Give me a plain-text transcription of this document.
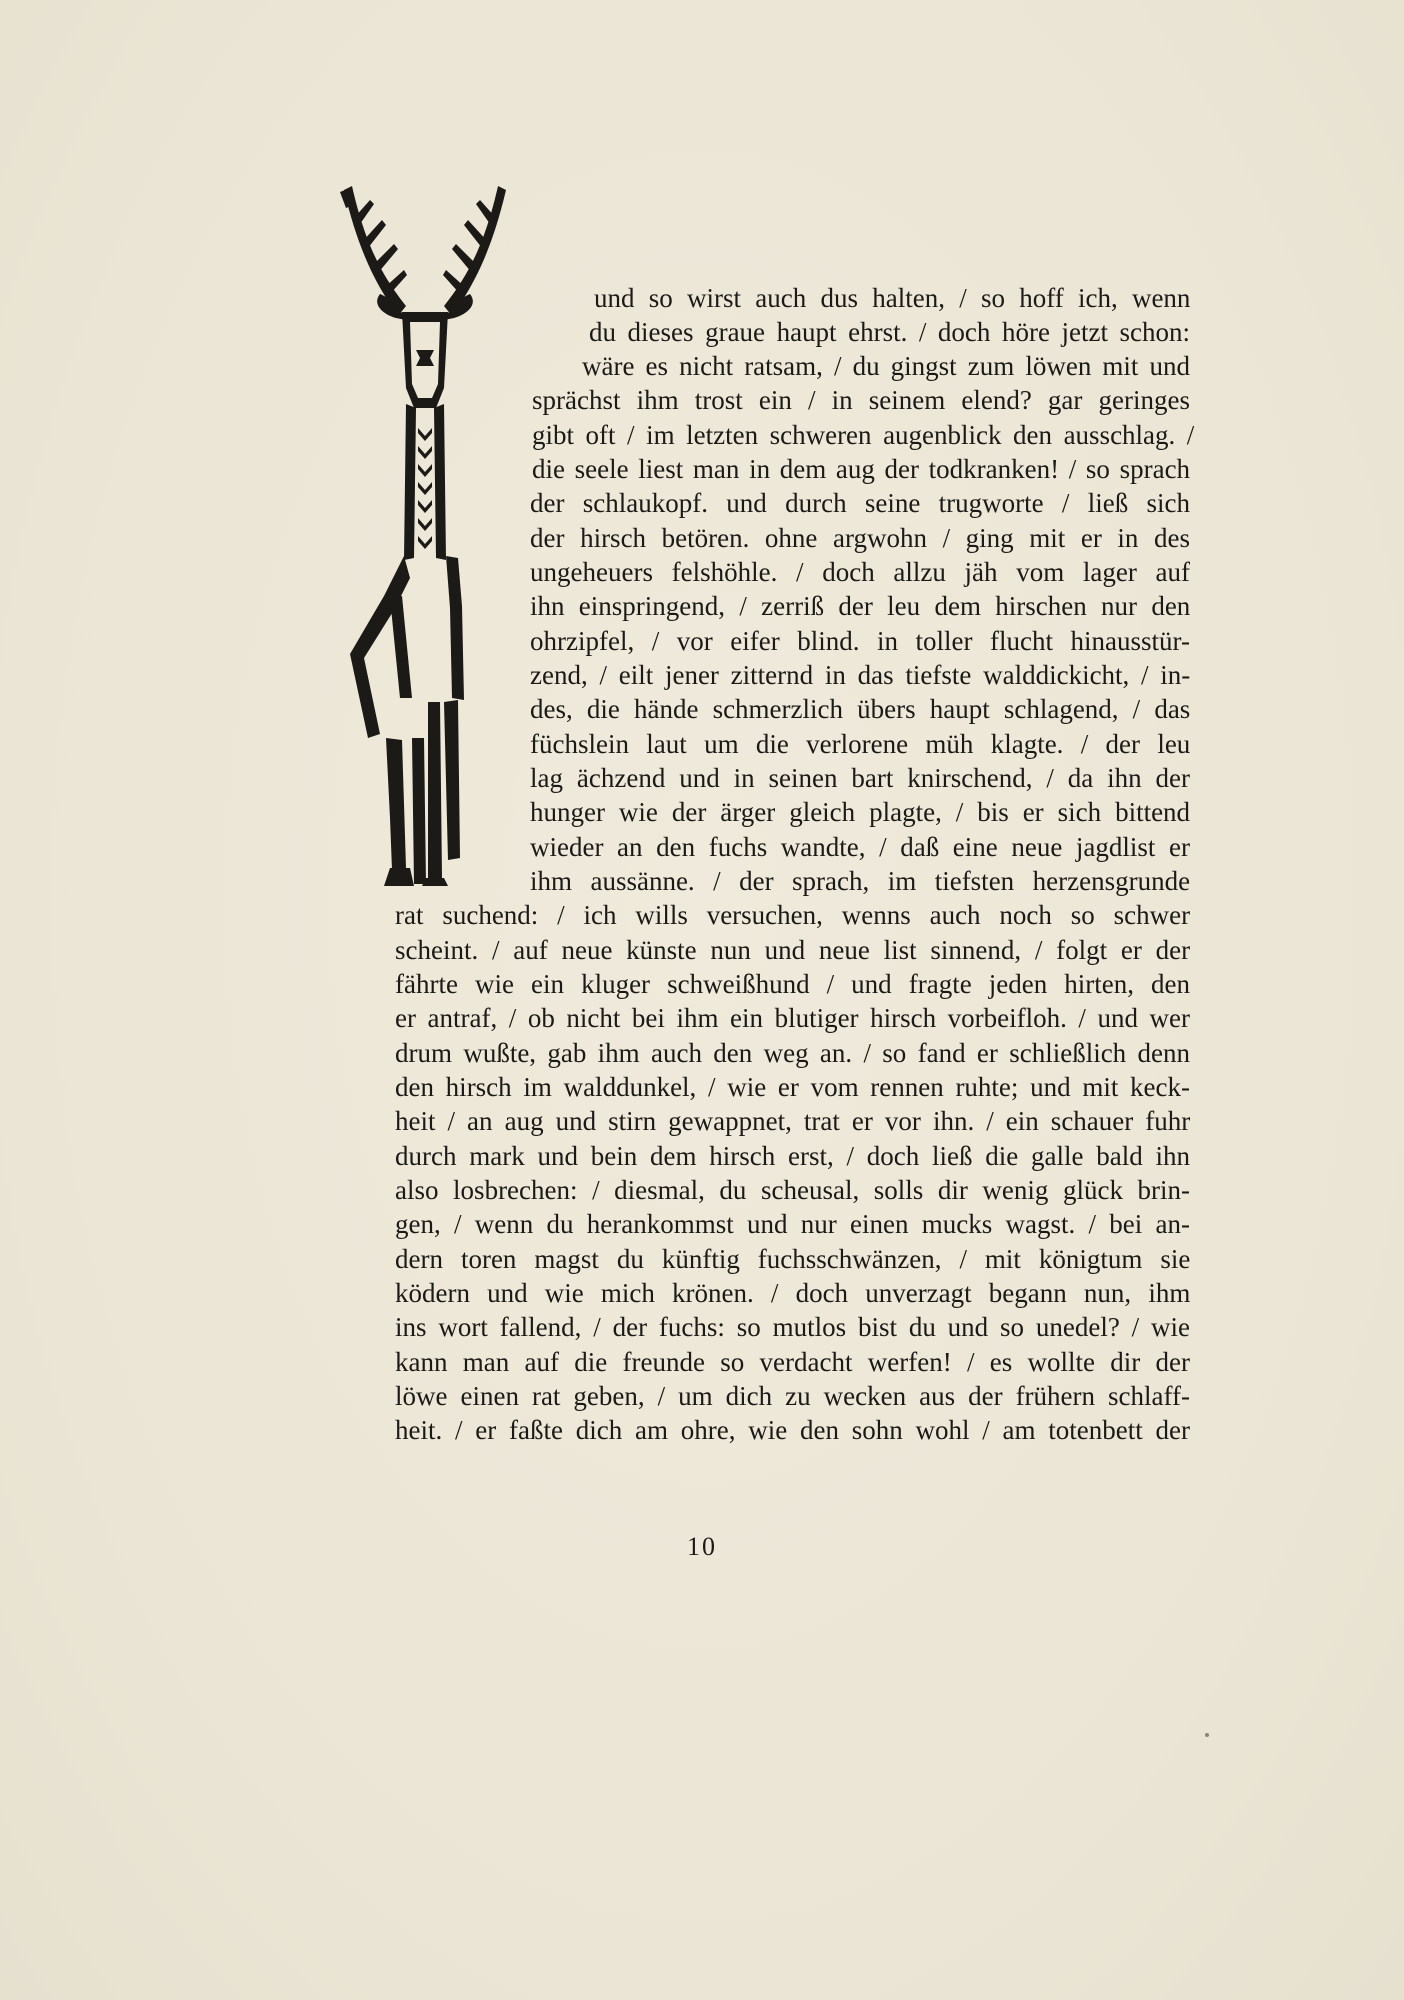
und so wirst auch dus halten, / so hoff ich, wenn
du dieses graue haupt ehrst. / doch höre jetzt schon:
wäre es nicht ratsam, / du gingst zum löwen mit und
sprächst ihm trost ein / in seinem elend? gar geringes
gibt oft / im letzten schweren augenblick den ausschlag. /
die seele liest man in dem aug der todkranken! / so sprach
der schlaukopf. und durch seine trugworte / ließ sich
der hirsch betören. ohne argwohn / ging mit er in des
ungeheuers felshöhle. / doch allzu jäh vom lager auf
ihn einspringend, / zerriß der leu dem hirschen nur den
ohrzipfel, / vor eifer blind. in toller flucht hinausstür-
zend, / eilt jener zitternd in das tiefste walddickicht, / in-
des, die hände schmerzlich übers haupt schlagend, / das
füchslein laut um die verlorene müh klagte. / der leu
lag ächzend und in seinen bart knirschend, / da ihn der
hunger wie der ärger gleich plagte, / bis er sich bittend
wieder an den fuchs wandte, / daß eine neue jagdlist er
ihm aussänne. / der sprach, im tiefsten herzensgrunde
rat suchend: / ich wills versuchen, wenns auch noch so schwer
scheint. / auf neue künste nun und neue list sinnend, / folgt er der
fährte wie ein kluger schweißhund / und fragte jeden hirten, den
er antraf, / ob nicht bei ihm ein blutiger hirsch vorbeifloh. / und wer
drum wußte, gab ihm auch den weg an. / so fand er schließlich denn
den hirsch im walddunkel, / wie er vom rennen ruhte; und mit keck-
heit / an aug und stirn gewappnet, trat er vor ihn. / ein schauer fuhr
durch mark und bein dem hirsch erst, / doch ließ die galle bald ihn
also losbrechen: / diesmal, du scheusal, solls dir wenig glück brin-
gen, / wenn du herankommst und nur einen mucks wagst. / bei an-
dern toren magst du künftig fuchsschwänzen, / mit königtum sie
ködern und wie mich krönen. / doch unverzagt begann nun, ihm
ins wort fallend, / der fuchs: so mutlos bist du und so unedel? / wie
kann man auf die freunde so verdacht werfen! / es wollte dir der
löwe einen rat geben, / um dich zu wecken aus der frühern schlaff-
heit. / er faßte dich am ohre, wie den sohn wohl / am totenbett der
10
